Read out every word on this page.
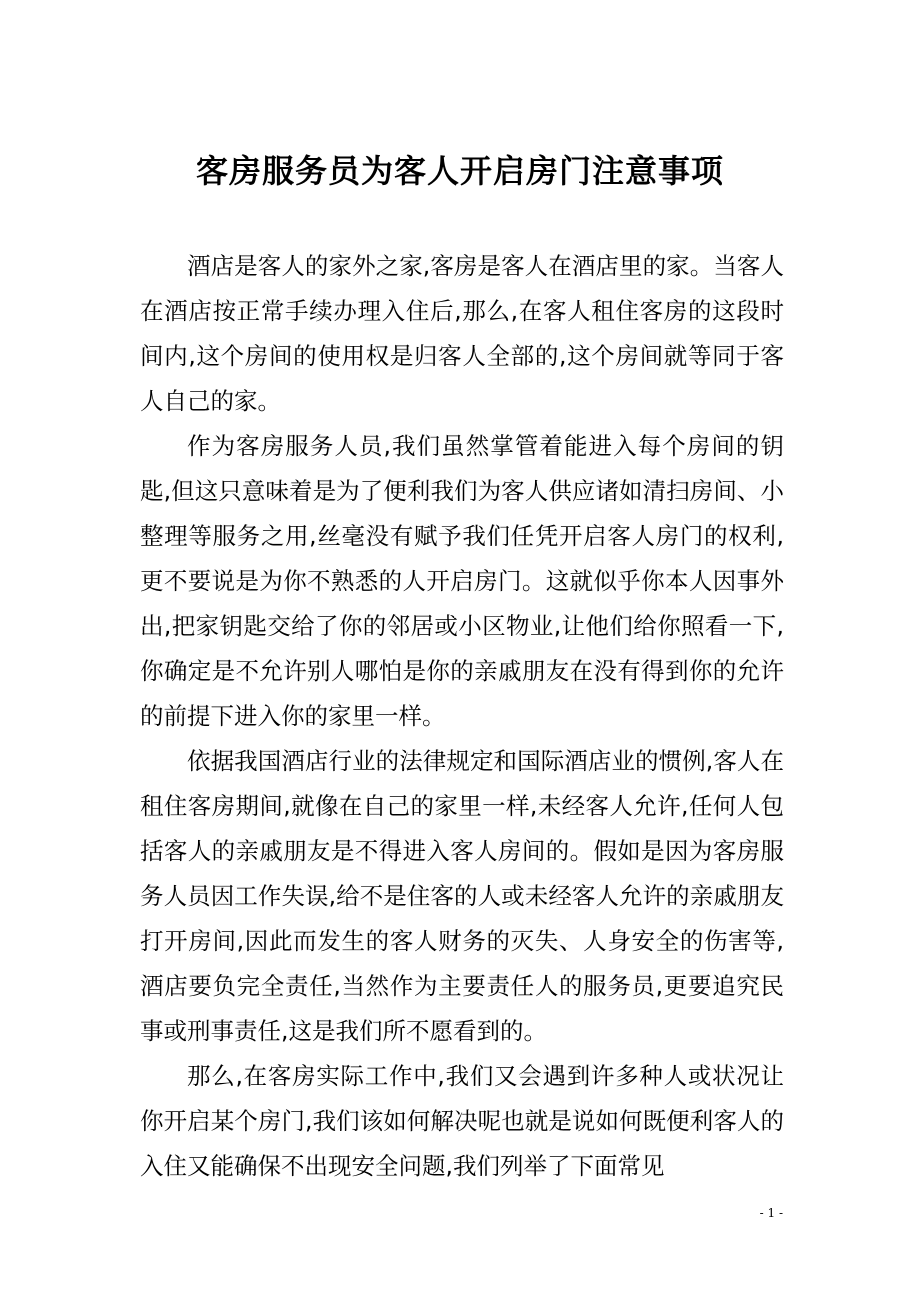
客房服务员为客人开启房门注意事项

酒店是客人的家外之家,客房是客人在酒店里的家。当客人在酒店按正常手续办理入住后,那么,在客人租住客房的这段时间内,这个房间的使用权是归客人全部的,这个房间就等同于客人自己的家。

作为客房服务人员,我们虽然掌管着能进入每个房间的钥匙,但这只意味着是为了便利我们为客人供应诸如清扫房间、小整理等服务之用,丝毫没有赋予我们任凭开启客人房门的权利,更不要说是为你不熟悉的人开启房门。这就似乎你本人因事外出,把家钥匙交给了你的邻居或小区物业,让他们给你照看一下,你确定是不允许别人哪怕是你的亲戚朋友在没有得到你的允许的前提下进入你的家里一样。

依据我国酒店行业的法律规定和国际酒店业的惯例,客人在租住客房期间,就像在自己的家里一样,未经客人允许,任何人包括客人的亲戚朋友是不得进入客人房间的。假如是因为客房服务人员因工作失误,给不是住客的人或未经客人允许的亲戚朋友打开房间,因此而发生的客人财务的灭失、人身安全的伤害等,酒店要负完全责任,当然作为主要责任人的服务员,更要追究民事或刑事责任,这是我们所不愿看到的。

那么,在客房实际工作中,我们又会遇到许多种人或状况让你开启某个房门,我们该如何解决呢也就是说如何既便利客人的入住又能确保不出现安全问题,我们列举了下面常见

- 1 -
